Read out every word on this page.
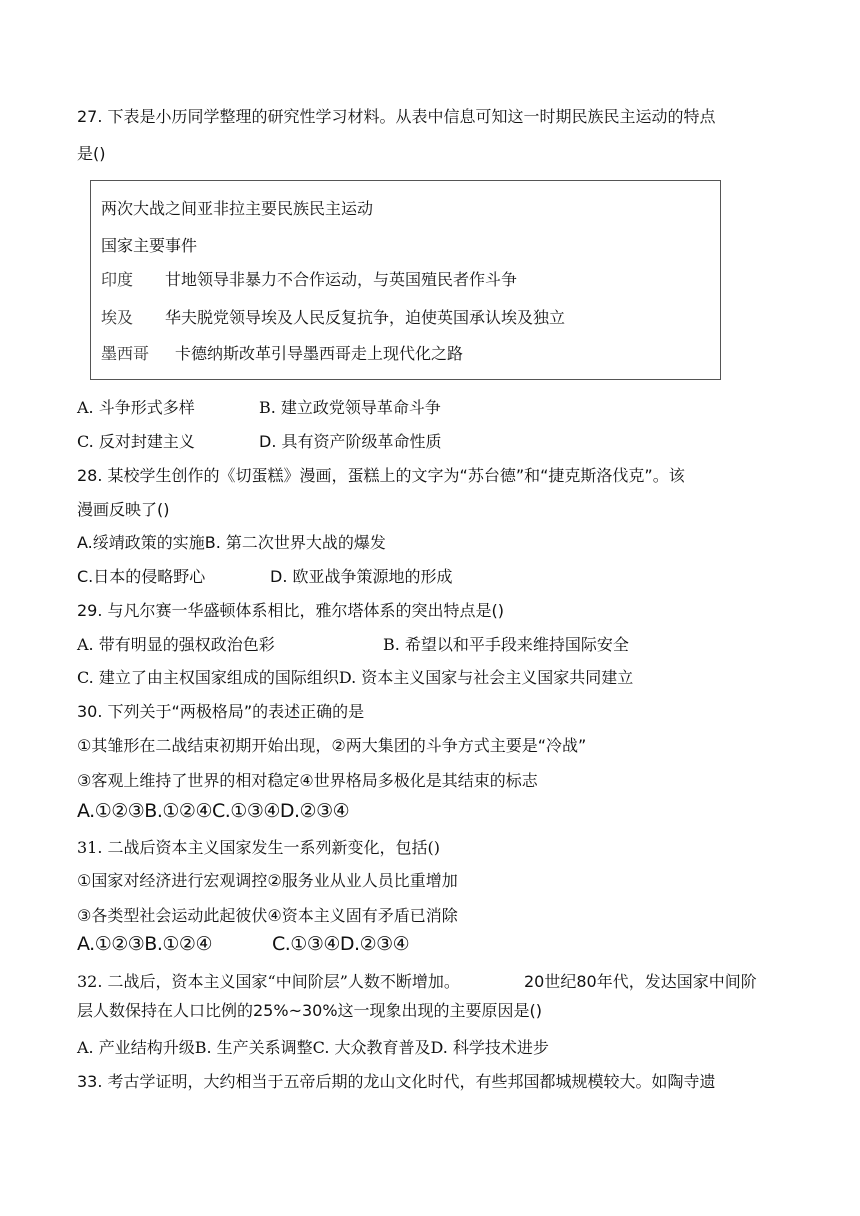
27. 下表是小历同学整理的研究性学习材料。从表中信息可知这一时期民族民主运动的特点
是()
两次大战之间亚非拉主要民族民主运动
国家主要事件
印度 甘地领导非暴力不合作运动，与英国殖民者作斗争
埃及 华夫脱党领导埃及人民反复抗争，迫使英国承认埃及独立
墨西哥 卡德纳斯改革引导墨西哥走上现代化之路
A. 斗争形式多样	B. 建立政党领导革命斗争
C. 反对封建主义	D. 具有资产阶级革命性质
28. 某校学生创作的《切蛋糕》漫画，蛋糕上的文字为“苏台德”和“捷克斯洛伐克”。该
漫画反映了()
A.绥靖政策的实施B. 第二次世界大战的爆发
C.日本的侵略野心	D. 欧亚战争策源地的形成
29. 与凡尔赛一华盛顿体系相比，雅尔塔体系的突出特点是()
A. 带有明显的强权政治色彩	B. 希望以和平手段来维持国际安全
C. 建立了由主权国家组成的国际组织D. 资本主义国家与社会主义国家共同建立
30. 下列关于“两极格局”的表述正确的是
①其雏形在二战结束初期开始出现，②两大集团的斗争方式主要是“冷战”
③客观上维持了世界的相对稳定④世界格局多极化是其结束的标志
A.①②③B.①②④C.①③④D.②③④
31. 二战后资本主义国家发生一系列新变化，包括()
①国家对经济进行宏观调控②服务业从业人员比重增加
③各类型社会运动此起彼伏④资本主义固有矛盾已消除
A.①②③B.①②④	C.①③④D.②③④
32. 二战后，资本主义国家“中间阶层”人数不断增加。	20世纪80年代，发达国家中间阶
层人数保持在人口比例的25%~30%这一现象出现的主要原因是()
A. 产业结构升级B. 生产关系调整C. 大众教育普及D. 科学技术进步
33. 考古学证明，大约相当于五帝后期的龙山文化时代，有些邦国都城规模较大。如陶寺遗
